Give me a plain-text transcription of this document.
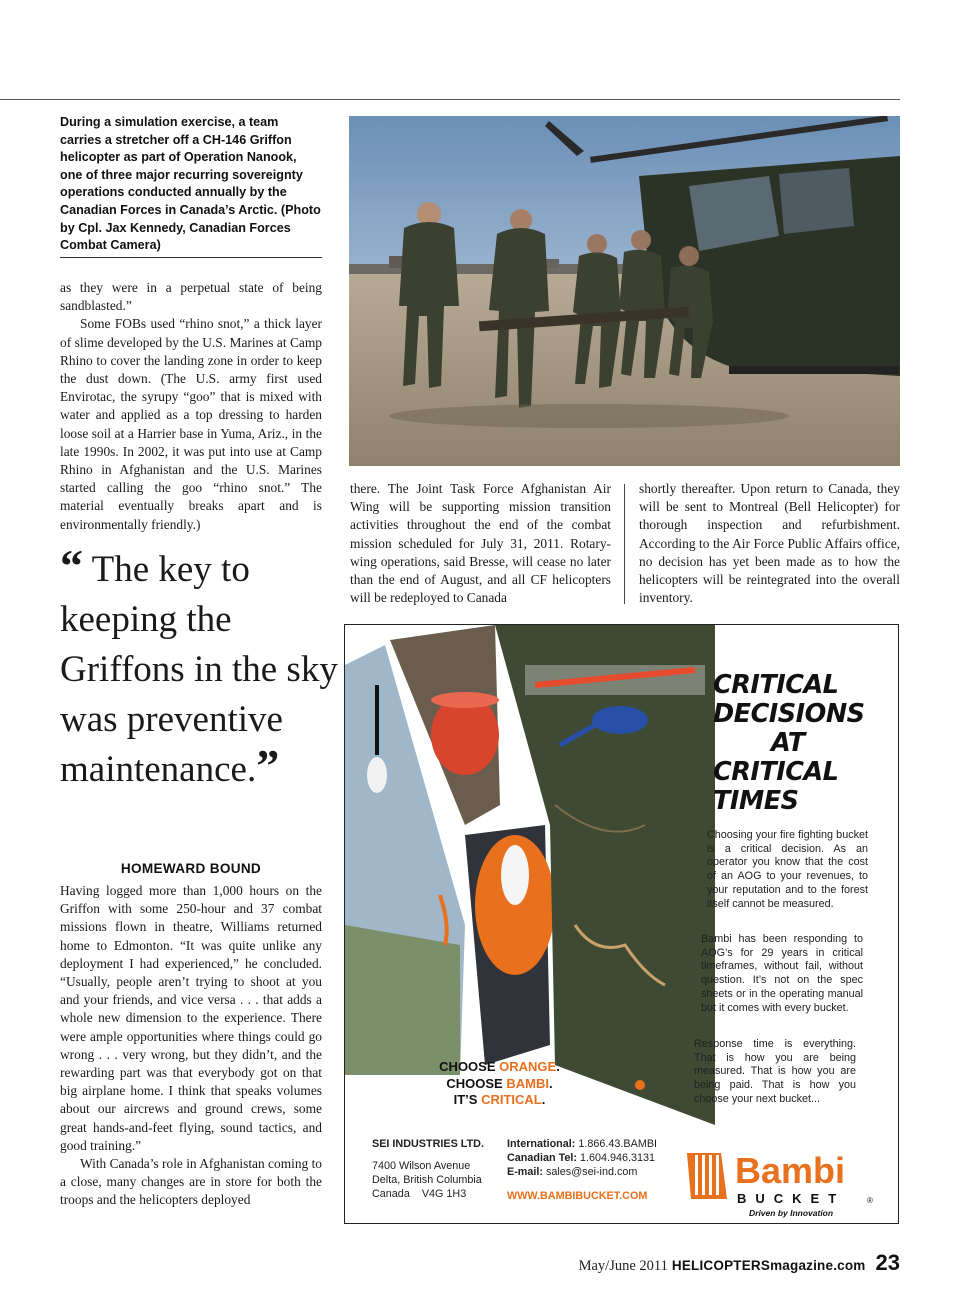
During a simulation exercise, a team carries a stretcher off a CH-146 Griffon helicopter as part of Operation Nanook, one of three major recurring sovereignty operations conducted annually by the Canadian Forces in Canada’s Arctic. (Photo by Cpl. Jax Kennedy, Canadian Forces Combat Camera)

as they were in a perpetual state of being sandblasted.”

Some FOBs used “rhino snot,” a thick layer of slime developed by the U.S. Marines at Camp Rhino to cover the landing zone in order to keep the dust down. (The U.S. army first used Envirotac, the syrupy “goo” that is mixed with water and applied as a top dressing to harden loose soil at a Harrier base in Yuma, Ariz., in the late 1990s. In 2002, it was put into use at Camp Rhino in Afghanistan and the U.S. Marines started calling the goo “rhino snot.” The material eventually breaks apart and is environmentally friendly.)

“ The key to keeping the Griffons in the sky was preventive maintenance.”
HOMEWARD BOUND

Having logged more than 1,000 hours on the Griffon with some 250-hour and 37 combat missions flown in theatre, Williams returned home to Edmonton. “It was quite unlike any deployment I had experienced,” he concluded. “Usually, people aren’t trying to shoot at you and your friends, and vice versa . . . that adds a whole new dimension to the experience. There were ample opportunities where things could go wrong . . . very wrong, but they didn’t, and the rewarding part was that everybody got on that big airplane home. I think that speaks volumes about our aircrews and ground crews, some great hands-and-feet flying, sound tactics, and good training.”

With Canada’s role in Afghanistan coming to a close, many changes are in store for both the troops and the helicopters deployed

there. The Joint Task Force Afghanistan Air Wing will be supporting mission transition activities throughout the end of the combat mission scheduled for July 31, 2011. Rotary-wing operations, said Bresse, will cease no later than the end of August, and all CF helicopters will be redeployed to Canada

shortly thereafter. Upon return to Canada, they will be sent to Montreal (Bell Helicopter) for thorough inspection and refurbishment. According to the Air Force Public Affairs office, no decision has yet been made as to how the helicopters will be reintegrated into the overall inventory.

CRITICAL
DECISIONS

AT
CRITICAL
TIMES

Choosing your fire fighting bucket is a critical decision. As an operator you know that the cost of an AOG to your revenues, to your reputation and to the forest itself cannot be measured.

Bambi has been responding to AOG’s for 29 years in critical timeframes, without fail, without question. It’s not on the spec sheets or in the operating manual but it comes with every bucket.

Response time is everything. That is how you are being measured. That is how you are being paid. That is how you choose your next bucket...

CHOOSE ORANGE.
CHOOSE BAMBI.
IT’S CRITICAL.
SEI INDUSTRIES LTD.
7400 Wilson Avenue
Delta, British Columbia
Canada    V4G 1H3
International: 1.866.43.BAMBI
Canadian Tel: 1.604.946.3131
E-mail: sales@sei-ind.com
WWW.BAMBIBUCKET.COM
Bambi
BUCKET	®
Driven by Innovation
May/June 2011 HELICOPTERSmagazine.com 23
